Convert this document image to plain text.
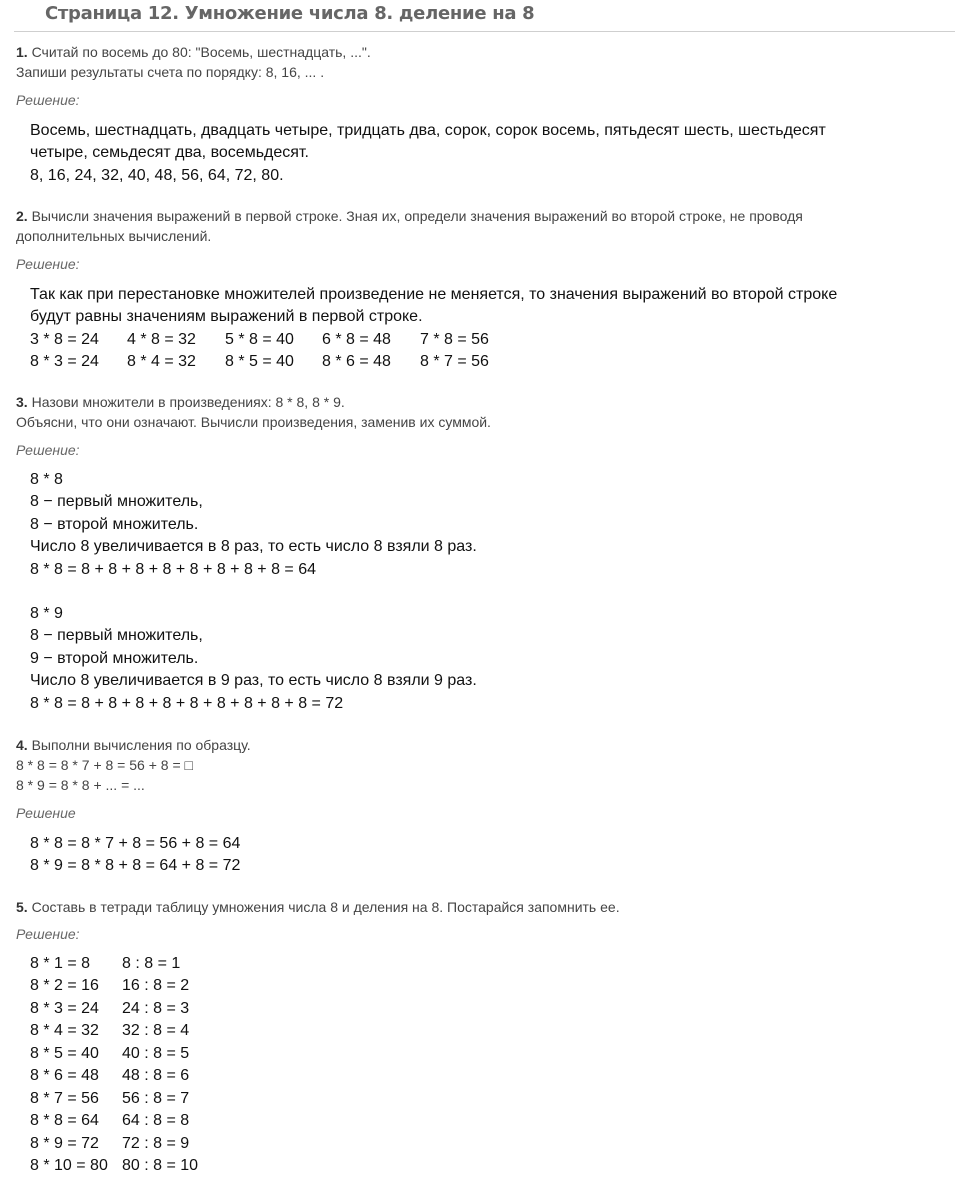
Страница 12. Умножение числа 8. деление на 8
1. Считай по восемь до 80: "Восемь, шестнадцать, ...".
Запиши результаты счета по порядку: 8, 16, ... .
Решение:
Восемь, шестнадцать, двадцать четыре, тридцать два, сорок, сорок восемь, пятьдесят шесть, шестьдесят
четыре, семьдесят два, восемьдесят.
8, 16, 24, 32, 40, 48, 56, 64, 72, 80.
2. Вычисли значения выражений в первой строке. Зная их, определи значения выражений во второй строке, не проводя
дополнительных вычислений.
Решение:
Так как при перестановке множителей произведение не меняется, то значения выражений во второй строке
будут равны значениям выражений в первой строке.
3 * 8 = 24 4 * 8 = 32 5 * 8 = 40 6 * 8 = 48 7 * 8 = 56
8 * 3 = 24 8 * 4 = 32 8 * 5 = 40 8 * 6 = 48 8 * 7 = 56
3. Назови множители в произведениях: 8 * 8, 8 * 9.
Объясни, что они означают. Вычисли произведения, заменив их суммой.
Решение:
8 * 8
8 − первый множитель,
8 − второй множитель.
Число 8 увеличивается в 8 раз, то есть число 8 взяли 8 раз.
8 * 8 = 8 + 8 + 8 + 8 + 8 + 8 + 8 + 8 = 64
8 * 9
8 − первый множитель,
9 − второй множитель.
Число 8 увеличивается в 9 раз, то есть число 8 взяли 9 раз.
8 * 8 = 8 + 8 + 8 + 8 + 8 + 8 + 8 + 8 + 8 = 72
4. Выполни вычисления по образцу.
8 * 8 = 8 * 7 + 8 = 56 + 8 = □
8 * 9 = 8 * 8 + ... = ...
Решение
8 * 8 = 8 * 7 + 8 = 56 + 8 = 64
8 * 9 = 8 * 8 + 8 = 64 + 8 = 72
5. Составь в тетради таблицу умножения числа 8 и деления на 8. Постарайся запомнить ее.
Решение:
8 * 1 = 8	8 : 8 = 1
8 * 2 = 16	16 : 8 = 2
8 * 3 = 24	24 : 8 = 3
8 * 4 = 32	32 : 8 = 4
8 * 5 = 40	40 : 8 = 5
8 * 6 = 48	48 : 8 = 6
8 * 7 = 56	56 : 8 = 7
8 * 8 = 64	64 : 8 = 8
8 * 9 = 72	72 : 8 = 9
8 * 10 = 80	80 : 8 = 10
